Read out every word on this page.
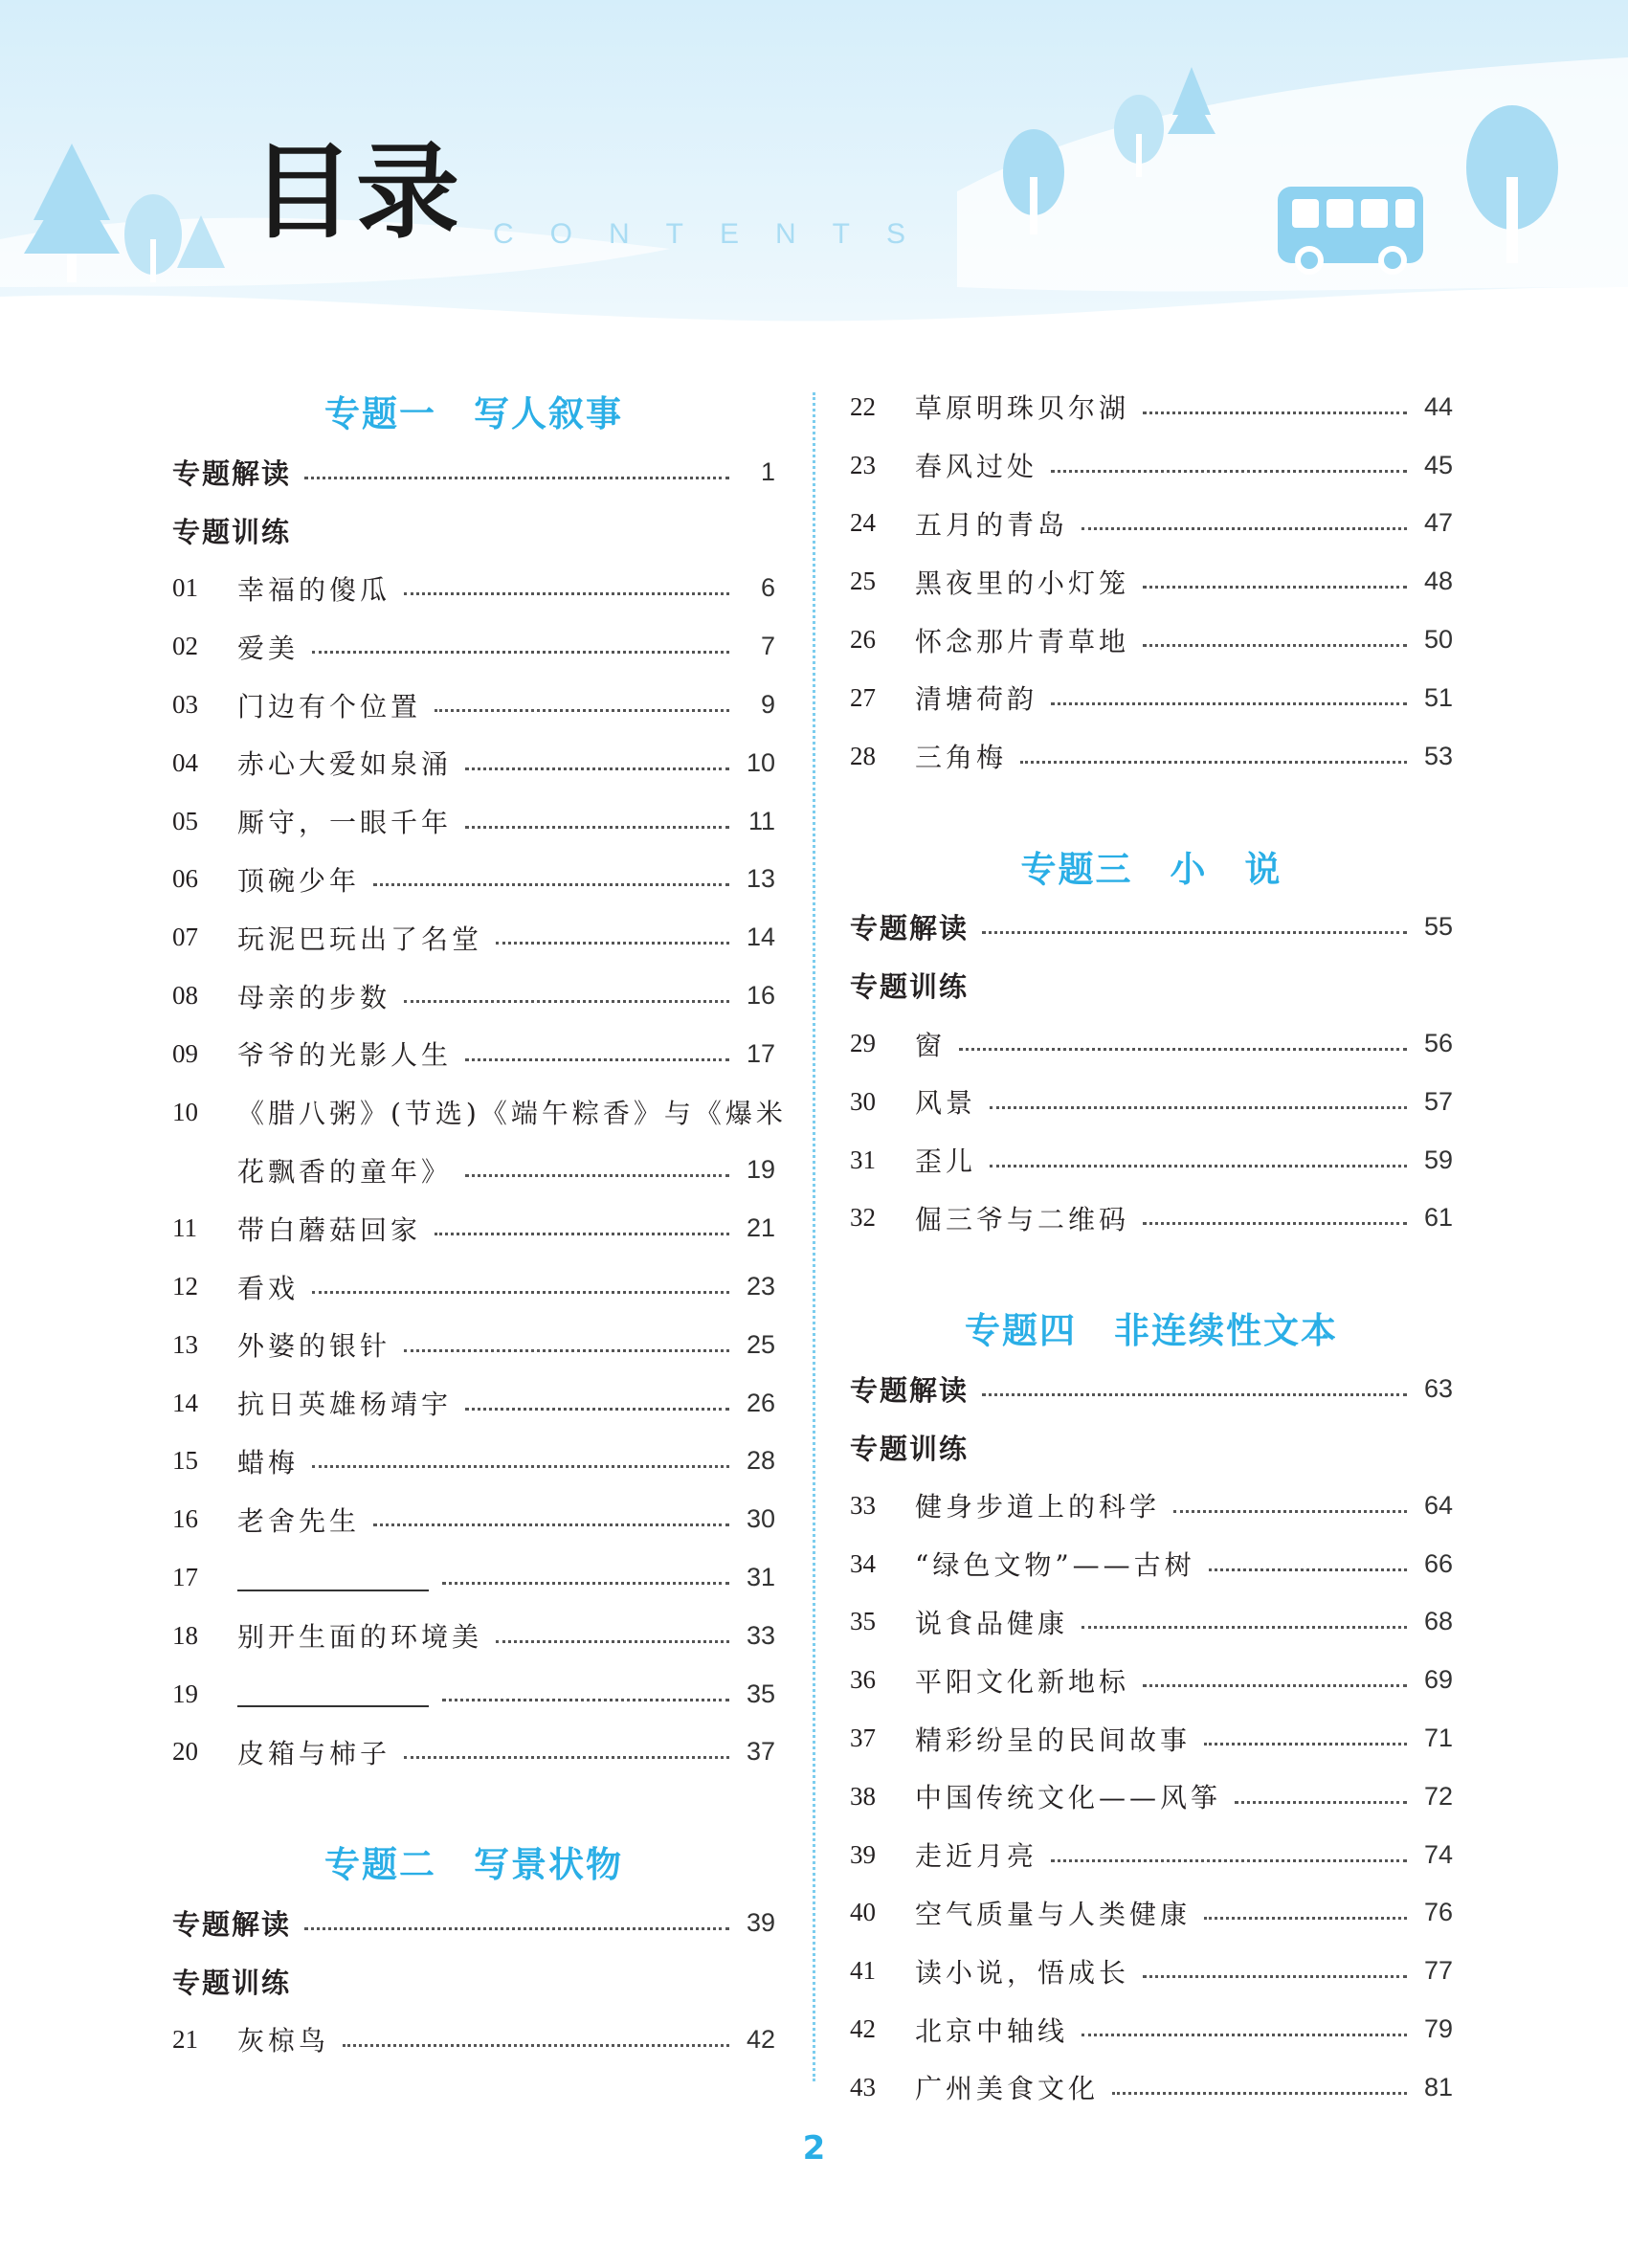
目录 CONTENTS
专题一　写人叙事
专题解读	1
专题训练
01	幸福的傻瓜	6
02	爱美	7
03	门边有个位置	9
04	赤心大爱如泉涌	10
05	厮守，一眼千年	11
06	顶碗少年	13
07	玩泥巴玩出了名堂	14
08	母亲的步数	16
09	爷爷的光影人生	17
10	《腊八粥》(节选)《端午粽香》与《爆米
花飘香的童年》	19
11	带白蘑菇回家	21
12	看戏	23
13	外婆的银针	25
14	抗日英雄杨靖宇	26
15	蜡梅	28
16	老舍先生	30
17	31
18	别开生面的环境美	33
19	35
20	皮箱与柿子	37
专题二　写景状物
专题解读	39
专题训练
21	灰椋鸟	42
22	草原明珠贝尔湖	44
23	春风过处	45
24	五月的青岛	47
25	黑夜里的小灯笼	48
26	怀念那片青草地	50
27	清塘荷韵	51
28	三角梅	53
专题三　小　说
专题解读	55
专题训练
29	窗	56
30	风景	57
31	歪儿	59
32	倔三爷与二维码	61
专题四　非连续性文本
专题解读	63
专题训练
33	健身步道上的科学	64
34	“绿色文物”——古树	66
35	说食品健康	68
36	平阳文化新地标	69
37	精彩纷呈的民间故事	71
38	中国传统文化——风筝	72
39	走近月亮	74
40	空气质量与人类健康	76
41	读小说，悟成长	77
42	北京中轴线	79
43	广州美食文化	81
2
